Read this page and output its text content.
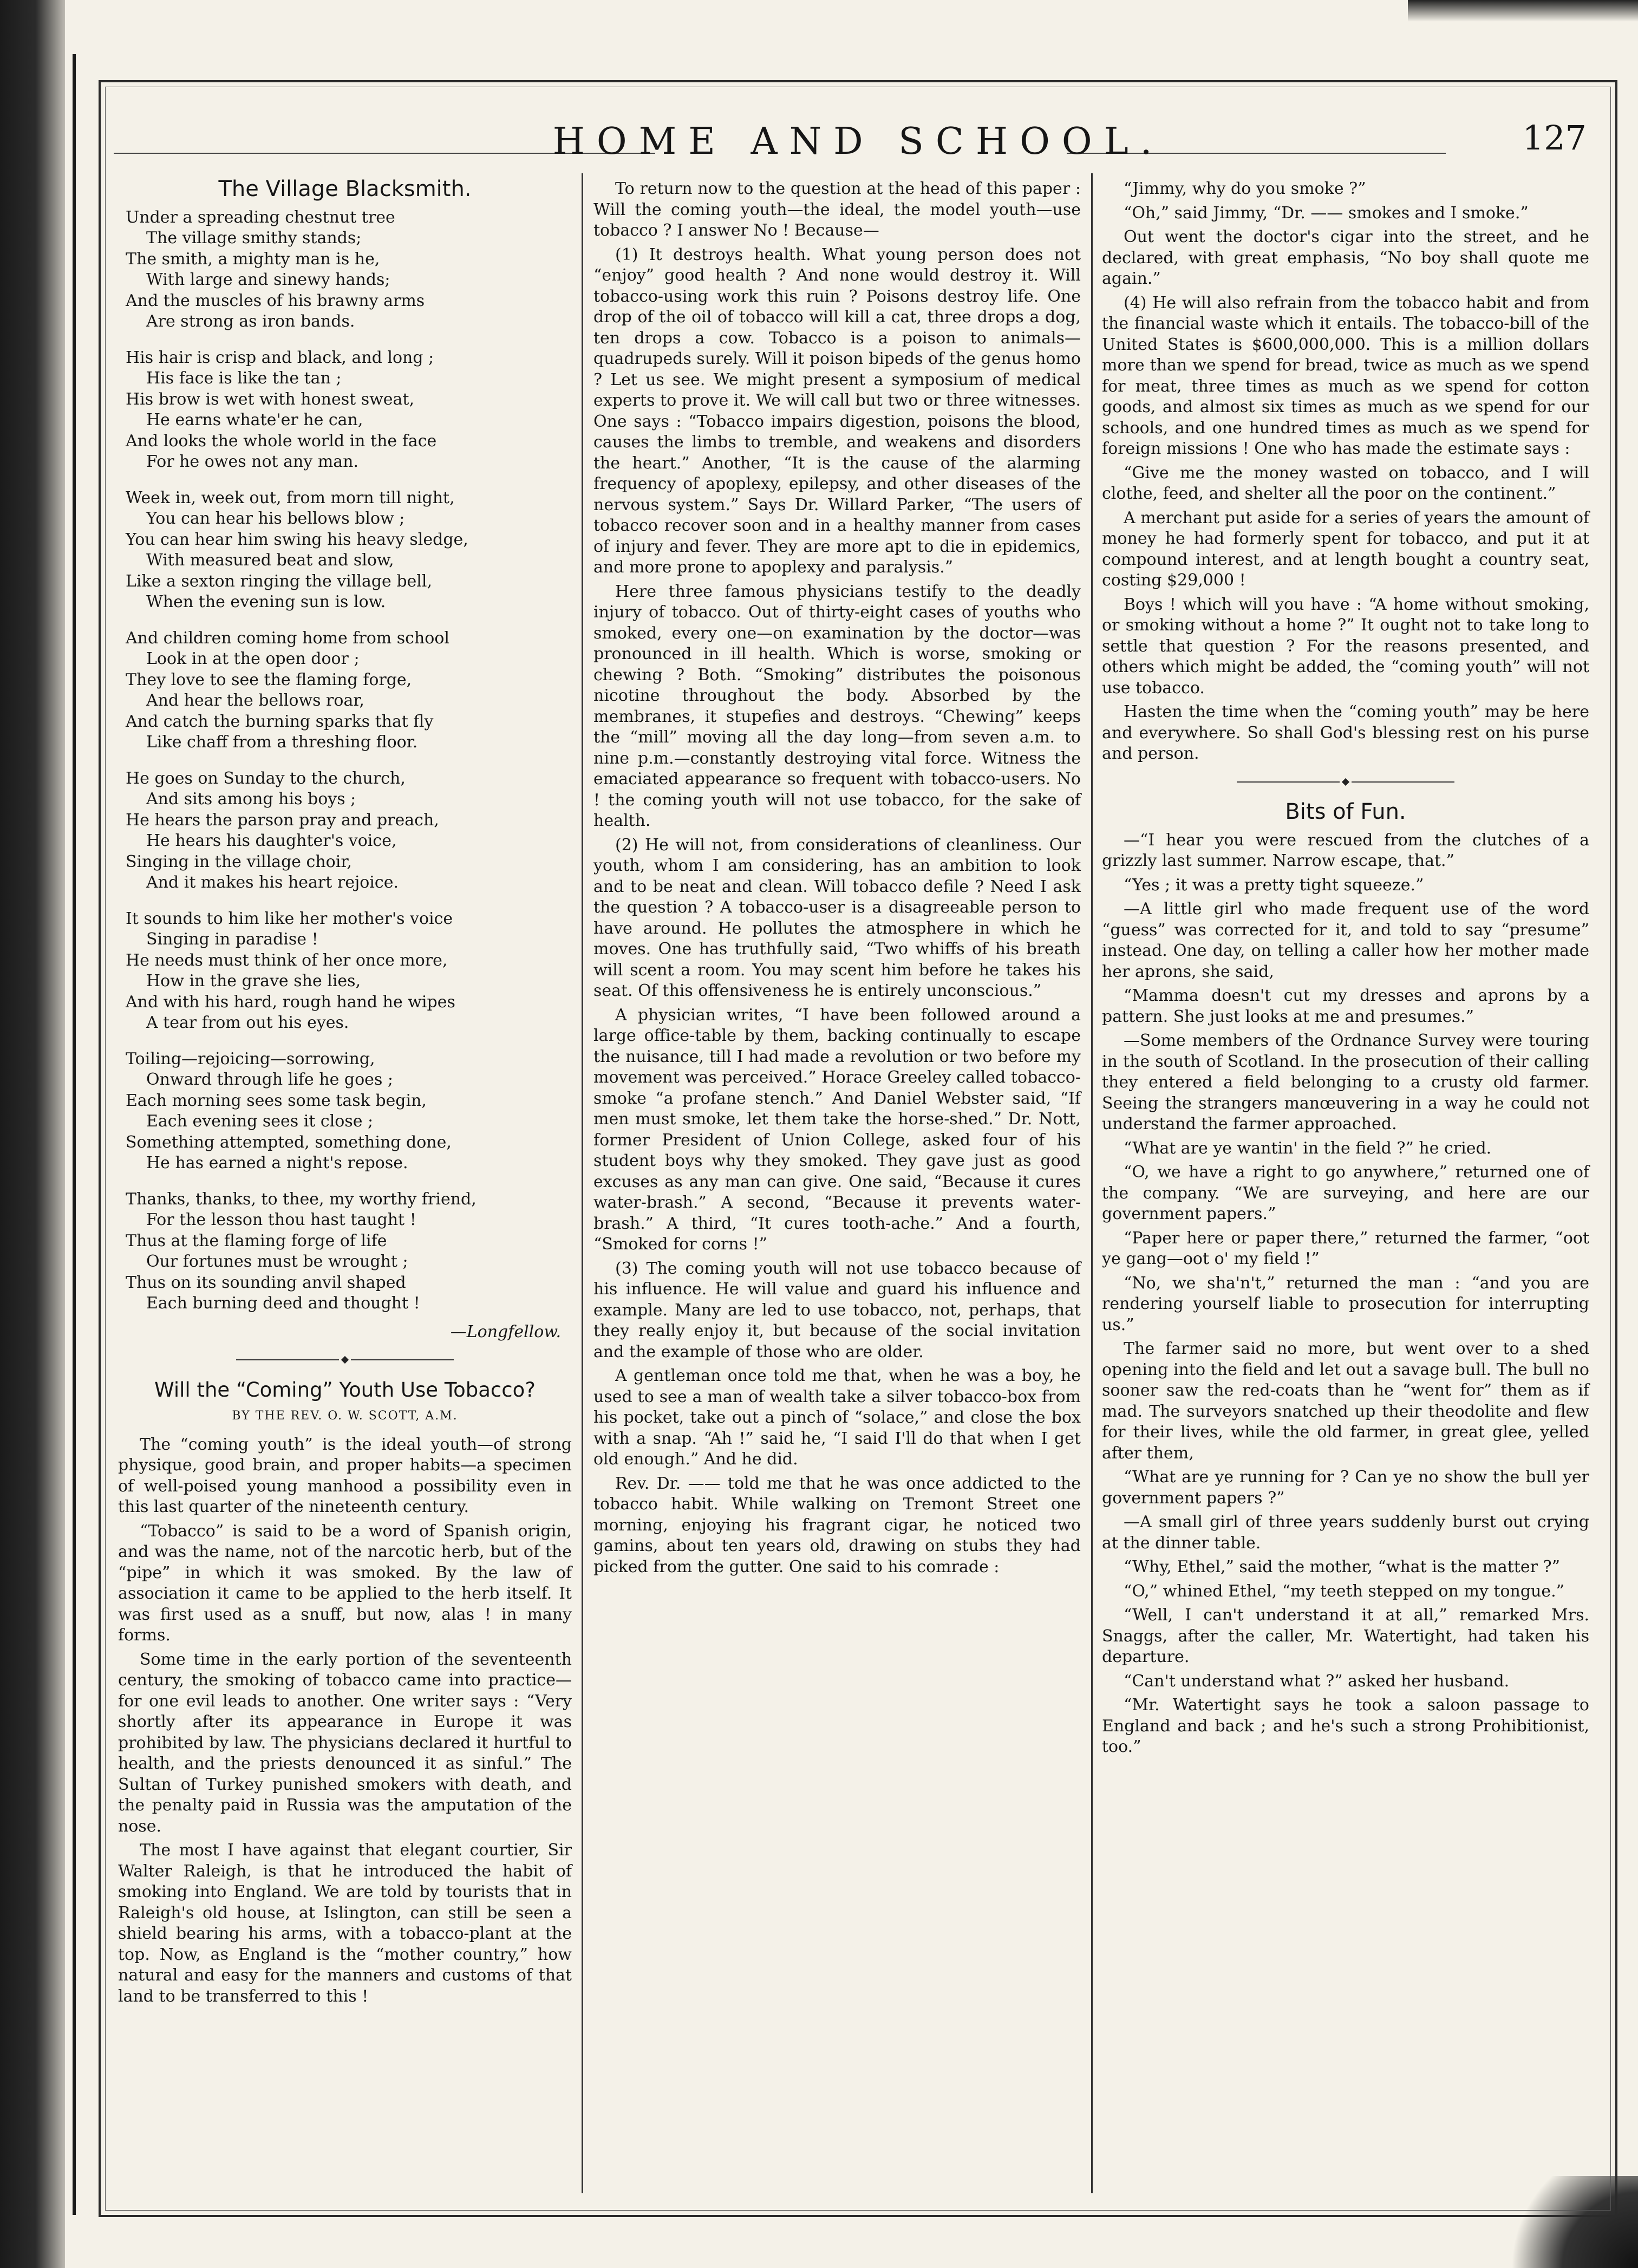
HOME AND SCHOOL.	127
The Village Blacksmith.
Under a spreading chestnut tree
The village smithy stands;
The smith, a mighty man is he,
With large and sinewy hands;
And the muscles of his brawny arms
Are strong as iron bands.
His hair is crisp and black, and long ;
His face is like the tan ;
His brow is wet with honest sweat,
He earns whate'er he can,
And looks the whole world in the face
For he owes not any man.
Week in, week out, from morn till night,
You can hear his bellows blow ;
You can hear him swing his heavy sledge,
With measured beat and slow,
Like a sexton ringing the village bell,
When the evening sun is low.
And children coming home from school
Look in at the open door ;
They love to see the flaming forge,
And hear the bellows roar,
And catch the burning sparks that fly
Like chaff from a threshing floor.
He goes on Sunday to the church,
And sits among his boys ;
He hears the parson pray and preach,
He hears his daughter's voice,
Singing in the village choir,
And it makes his heart rejoice.
It sounds to him like her mother's voice
Singing in paradise !
He needs must think of her once more,
How in the grave she lies,
And with his hard, rough hand he wipes
A tear from out his eyes.
Toiling—rejoicing—sorrowing,
Onward through life he goes ;
Each morning sees some task begin,
Each evening sees it close ;
Something attempted, something done,
He has earned a night's repose.
Thanks, thanks, to thee, my worthy friend,
For the lesson thou hast taught !
Thus at the flaming forge of life
Our fortunes must be wrought ;
Thus on its sounding anvil shaped
Each burning deed and thought !
—Longfellow.
Will the “Coming” Youth Use Tobacco?
BY THE REV. O. W. SCOTT, A.M.
The “coming youth” is the ideal youth—of strong physique, good brain, and proper habits—a specimen of well-poised young manhood a possibility even in this last quarter of the nineteenth century.
“Tobacco” is said to be a word of Spanish origin, and was the name, not of the narcotic herb, but of the “pipe” in which it was smoked. By the law of association it came to be applied to the herb itself. It was first used as a snuff, but now, alas ! in many forms.
Some time in the early portion of the seventeenth century, the smoking of tobacco came into practice—for one evil leads to another. One writer says : “Very shortly after its appearance in Europe it was prohibited by law. The physicians declared it hurtful to health, and the priests denounced it as sinful.” The Sultan of Turkey punished smokers with death, and the penalty paid in Russia was the amputation of the nose.
The most I have against that elegant courtier, Sir Walter Raleigh, is that he introduced the habit of smoking into England. We are told by tourists that in Raleigh's old house, at Islington, can still be seen a shield bearing his arms, with a tobacco-plant at the top. Now, as England is the “mother country,” how natural and easy for the manners and customs of that land to be transferred to this !
To return now to the question at the head of this paper : Will the coming youth—the ideal, the model youth—use tobacco ? I answer No ! Because—
(1) It destroys health. What young person does not “enjoy” good health ? And none would destroy it. Will tobacco-using work this ruin ? Poisons destroy life. One drop of the oil of tobacco will kill a cat, three drops a dog, ten drops a cow. Tobacco is a poison to animals—quadrupeds surely. Will it poison bipeds of the genus homo ? Let us see. We might present a symposium of medical experts to prove it. We will call but two or three witnesses. One says : “Tobacco impairs digestion, poisons the blood, causes the limbs to tremble, and weakens and disorders the heart.” Another, “It is the cause of the alarming frequency of apoplexy, epilepsy, and other diseases of the nervous system.” Says Dr. Willard Parker, “The users of tobacco recover soon and in a healthy manner from cases of injury and fever. They are more apt to die in epidemics, and more prone to apoplexy and paralysis.”
Here three famous physicians testify to the deadly injury of tobacco. Out of thirty-eight cases of youths who smoked, every one—on examination by the doctor—was pronounced in ill health. Which is worse, smoking or chewing ? Both. “Smoking” distributes the poisonous nicotine throughout the body. Absorbed by the membranes, it stupefies and destroys. “Chewing” keeps the “mill” moving all the day long—from seven a.m. to nine p.m.—constantly destroying vital force. Witness the emaciated appearance so frequent with tobacco-users. No ! the coming youth will not use tobacco, for the sake of health.
(2) He will not, from considerations of cleanliness. Our youth, whom I am considering, has an ambition to look and to be neat and clean. Will tobacco defile ? Need I ask the question ? A tobacco-user is a disagreeable person to have around. He pollutes the atmosphere in which he moves. One has truthfully said, “Two whiffs of his breath will scent a room. You may scent him before he takes his seat. Of this offensiveness he is entirely unconscious.”
A physician writes, “I have been followed around a large office-table by them, backing continually to escape the nuisance, till I had made a revolution or two before my movement was perceived.” Horace Greeley called tobacco-smoke “a profane stench.” And Daniel Webster said, “If men must smoke, let them take the horse-shed.” Dr. Nott, former President of Union College, asked four of his student boys why they smoked. They gave just as good excuses as any man can give. One said, “Because it cures water-brash.” A second, “Because it prevents water-brash.” A third, “It cures tooth-ache.” And a fourth, “Smoked for corns !”
(3) The coming youth will not use tobacco because of his influence. He will value and guard his influence and example. Many are led to use tobacco, not, perhaps, that they really enjoy it, but because of the social invitation and the example of those who are older.
A gentleman once told me that, when he was a boy, he used to see a man of wealth take a silver tobacco-box from his pocket, take out a pinch of “solace,” and close the box with a snap. “Ah !” said he, “I said I'll do that when I get old enough.” And he did.
Rev. Dr. —— told me that he was once addicted to the tobacco habit. While walking on Tremont Street one morning, enjoying his fragrant cigar, he noticed two gamins, about ten years old, drawing on stubs they had picked from the gutter. One said to his comrade :
“Jimmy, why do you smoke ?”
“Oh,” said Jimmy, “Dr. —— smokes and I smoke.”
Out went the doctor's cigar into the street, and he declared, with great emphasis, “No boy shall quote me again.”
(4) He will also refrain from the tobacco habit and from the financial waste which it entails. The tobacco-bill of the United States is $600,000,000. This is a million dollars more than we spend for bread, twice as much as we spend for meat, three times as much as we spend for cotton goods, and almost six times as much as we spend for our schools, and one hundred times as much as we spend for foreign missions ! One who has made the estimate says :
“Give me the money wasted on tobacco, and I will clothe, feed, and shelter all the poor on the continent.”
A merchant put aside for a series of years the amount of money he had formerly spent for tobacco, and put it at compound interest, and at length bought a country seat, costing $29,000 !
Boys ! which will you have : “A home without smoking, or smoking without a home ?” It ought not to take long to settle that question ? For the reasons presented, and others which might be added, the “coming youth” will not use tobacco.
Hasten the time when the “coming youth” may be here and everywhere. So shall God's blessing rest on his purse and person.
Bits of Fun.
—“I hear you were rescued from the clutches of a grizzly last summer. Narrow escape, that.”
“Yes ; it was a pretty tight squeeze.”
—A little girl who made frequent use of the word “guess” was corrected for it, and told to say “presume” instead. One day, on telling a caller how her mother made her aprons, she said,
“Mamma doesn't cut my dresses and aprons by a pattern. She just looks at me and presumes.”
—Some members of the Ordnance Survey were touring in the south of Scotland. In the prosecution of their calling they entered a field belonging to a crusty old farmer. Seeing the strangers manœuvering in a way he could not understand the farmer approached.
“What are ye wantin' in the field ?” he cried.
“O, we have a right to go anywhere,” returned one of the company. “We are surveying, and here are our government papers.”
“Paper here or paper there,” returned the farmer, “oot ye gang—oot o' my field !”
“No, we sha'n't,” returned the man : “and you are rendering yourself liable to prosecution for interrupting us.”
The farmer said no more, but went over to a shed opening into the field and let out a savage bull. The bull no sooner saw the red-coats than he “went for” them as if mad. The surveyors snatched up their theodolite and flew for their lives, while the old farmer, in great glee, yelled after them,
“What are ye running for ? Can ye no show the bull yer government papers ?”
—A small girl of three years suddenly burst out crying at the dinner table.
“Why, Ethel,” said the mother, “what is the matter ?”
“O,” whined Ethel, “my teeth stepped on my tongue.”
“Well, I can't understand it at all,” remarked Mrs. Snaggs, after the caller, Mr. Watertight, had taken his departure.
“Can't understand what ?” asked her husband.
“Mr. Watertight says he took a saloon passage to England and back ; and he's such a strong Prohibitionist, too.”
